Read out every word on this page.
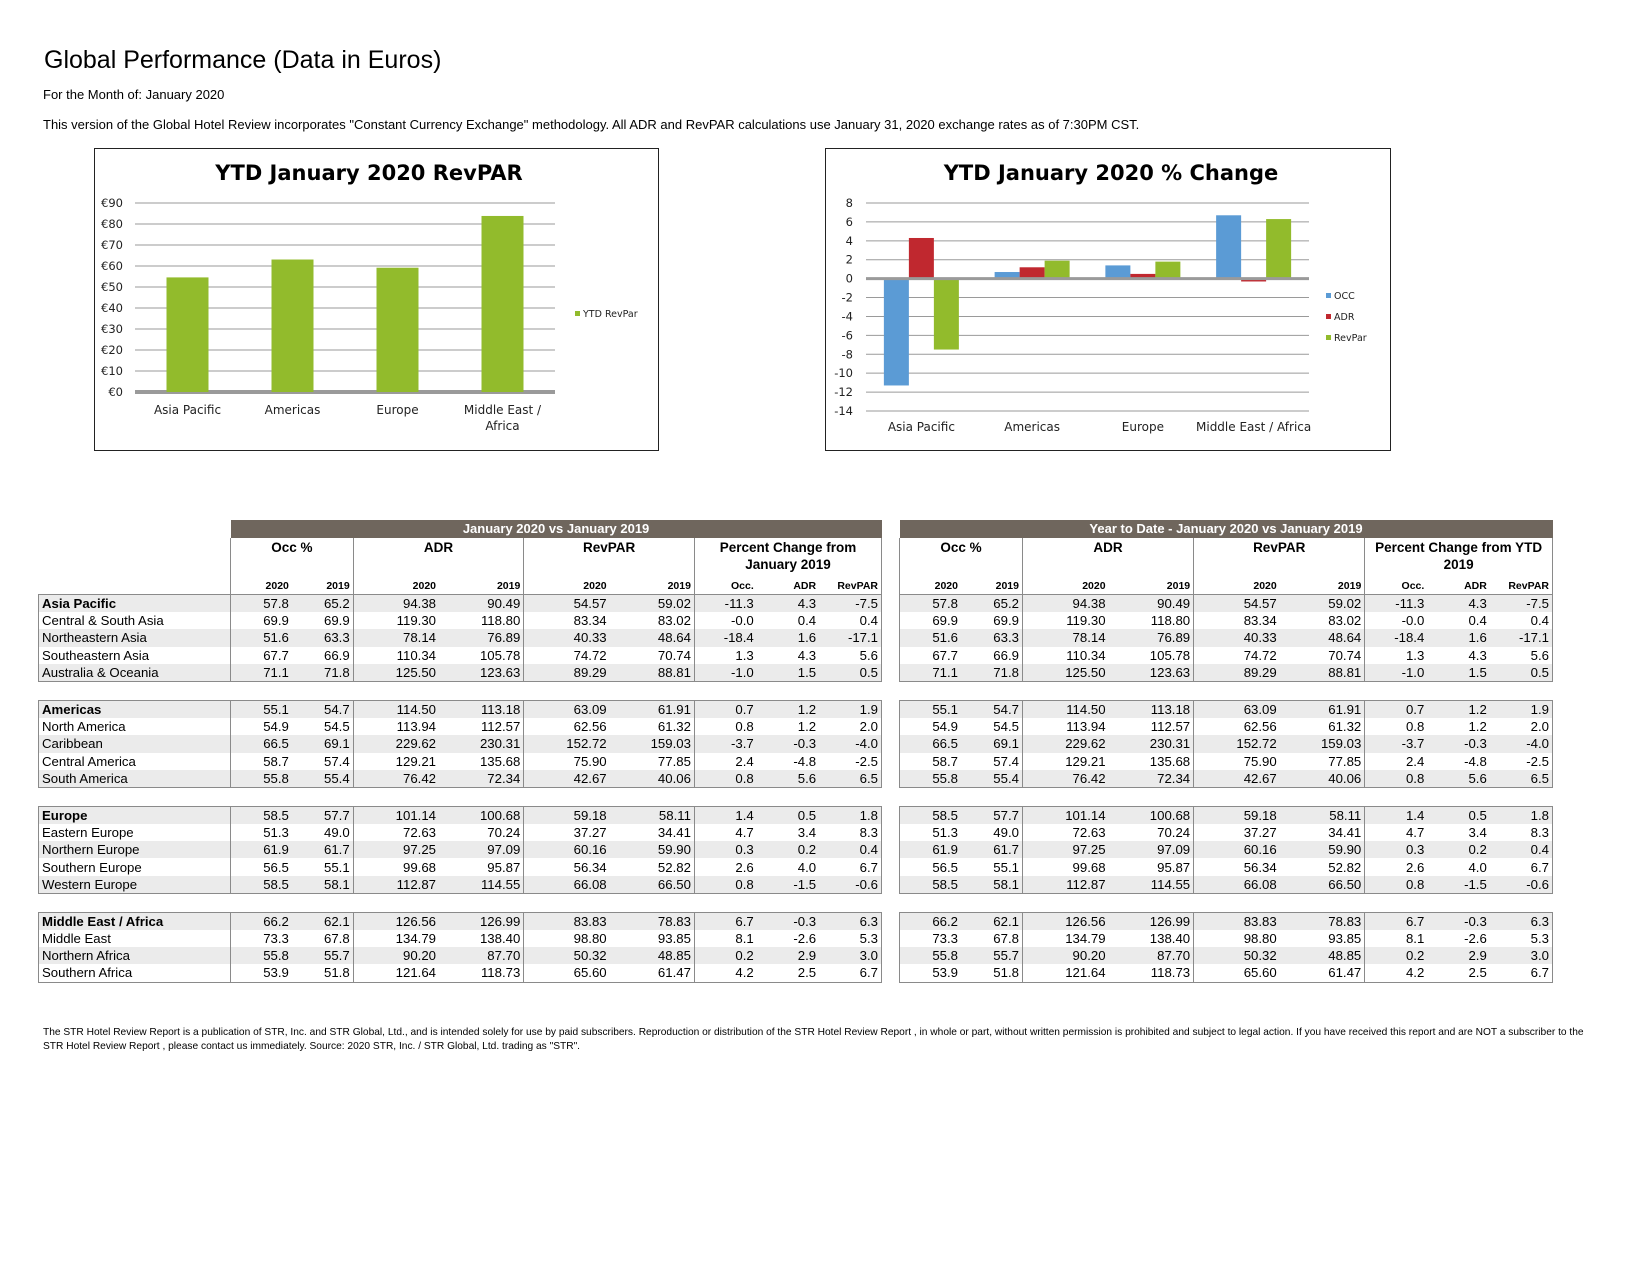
Global Performance (Data in Euros)
For the Month of: January 2020
This version of the Global Hotel Review incorporates "Constant Currency Exchange" methodology. All ADR and RevPAR calculations use January 31, 2020 exchange rates as of 7:30PM CST.
YTD January 2020 RevPAR
€0
€10
€20
€30
€40
€50
€60
€70
€80
€90
Asia Pacific	Americas	Europe	Middle East / Africa
YTD RevPar
YTD January 2020 % Change
8
6
4
2
0
-2
-4
-6
-8
-10
-12
-14
Asia Pacific	Americas	Europe	Middle East / Africa
OCC
ADR
RevPar
	January 2020 vs January 2019								
	Occ %		ADR		RevPAR		Percent Change from January 2019		
	2020	2019	2020	2019	2020	2019	Occ.	ADR	RevPAR
Asia Pacific	57.8	65.2	94.38	90.49	54.57	59.02	-11.3	4.3	-7.5
Central & South Asia	69.9	69.9	119.30	118.80	83.34	83.02	-0.0	0.4	0.4
Northeastern Asia	51.6	63.3	78.14	76.89	40.33	48.64	-18.4	1.6	-17.1
Southeastern Asia	67.7	66.9	110.34	105.78	74.72	70.74	1.3	4.3	5.6
Australia & Oceania	71.1	71.8	125.50	123.63	89.29	88.81	-1.0	1.5	0.5

Americas	55.1	54.7	114.50	113.18	63.09	61.91	0.7	1.2	1.9
North America	54.9	54.5	113.94	112.57	62.56	61.32	0.8	1.2	2.0
Caribbean	66.5	69.1	229.62	230.31	152.72	159.03	-3.7	-0.3	-4.0
Central America	58.7	57.4	129.21	135.68	75.90	77.85	2.4	-4.8	-2.5
South America	55.8	55.4	76.42	72.34	42.67	40.06	0.8	5.6	6.5

Europe	58.5	57.7	101.14	100.68	59.18	58.11	1.4	0.5	1.8
Eastern Europe	51.3	49.0	72.63	70.24	37.27	34.41	4.7	3.4	8.3
Northern Europe	61.9	61.7	97.25	97.09	60.16	59.90	0.3	0.2	0.4
Southern Europe	56.5	55.1	99.68	95.87	56.34	52.82	2.6	4.0	6.7
Western Europe	58.5	58.1	112.87	114.55	66.08	66.50	0.8	-1.5	-0.6

Middle East / Africa	66.2	62.1	126.56	126.99	83.83	78.83	6.7	-0.3	6.3
Middle East	73.3	67.8	134.79	138.40	98.80	93.85	8.1	-2.6	5.3
Northern Africa	55.8	55.7	90.20	87.70	50.32	48.85	0.2	2.9	3.0
Southern Africa	53.9	51.8	121.64	118.73	65.60	61.47	4.2	2.5	6.7
Year to Date - January 2020 vs January 2019								
Occ %		ADR		RevPAR		Percent Change from YTD 2019		
2020	2019	2020	2019	2020	2019	Occ.	ADR	RevPAR
57.8	65.2	94.38	90.49	54.57	59.02	-11.3	4.3	-7.5
69.9	69.9	119.30	118.80	83.34	83.02	-0.0	0.4	0.4
51.6	63.3	78.14	76.89	40.33	48.64	-18.4	1.6	-17.1
67.7	66.9	110.34	105.78	74.72	70.74	1.3	4.3	5.6
71.1	71.8	125.50	123.63	89.29	88.81	-1.0	1.5	0.5

55.1	54.7	114.50	113.18	63.09	61.91	0.7	1.2	1.9
54.9	54.5	113.94	112.57	62.56	61.32	0.8	1.2	2.0
66.5	69.1	229.62	230.31	152.72	159.03	-3.7	-0.3	-4.0
58.7	57.4	129.21	135.68	75.90	77.85	2.4	-4.8	-2.5
55.8	55.4	76.42	72.34	42.67	40.06	0.8	5.6	6.5

58.5	57.7	101.14	100.68	59.18	58.11	1.4	0.5	1.8
51.3	49.0	72.63	70.24	37.27	34.41	4.7	3.4	8.3
61.9	61.7	97.25	97.09	60.16	59.90	0.3	0.2	0.4
56.5	55.1	99.68	95.87	56.34	52.82	2.6	4.0	6.7
58.5	58.1	112.87	114.55	66.08	66.50	0.8	-1.5	-0.6

66.2	62.1	126.56	126.99	83.83	78.83	6.7	-0.3	6.3
73.3	67.8	134.79	138.40	98.80	93.85	8.1	-2.6	5.3
55.8	55.7	90.20	87.70	50.32	48.85	0.2	2.9	3.0
53.9	51.8	121.64	118.73	65.60	61.47	4.2	2.5	6.7
The STR Hotel Review Report is a publication of STR, Inc. and STR Global, Ltd., and is intended solely for use by paid subscribers. Reproduction or distribution of the STR Hotel Review Report , in whole or part, without written permission is prohibited and subject to legal action. If you have received this report and are NOT a subscriber to the STR Hotel Review Report , please contact us immediately. Source: 2020 STR, Inc. / STR Global, Ltd. trading as "STR".
